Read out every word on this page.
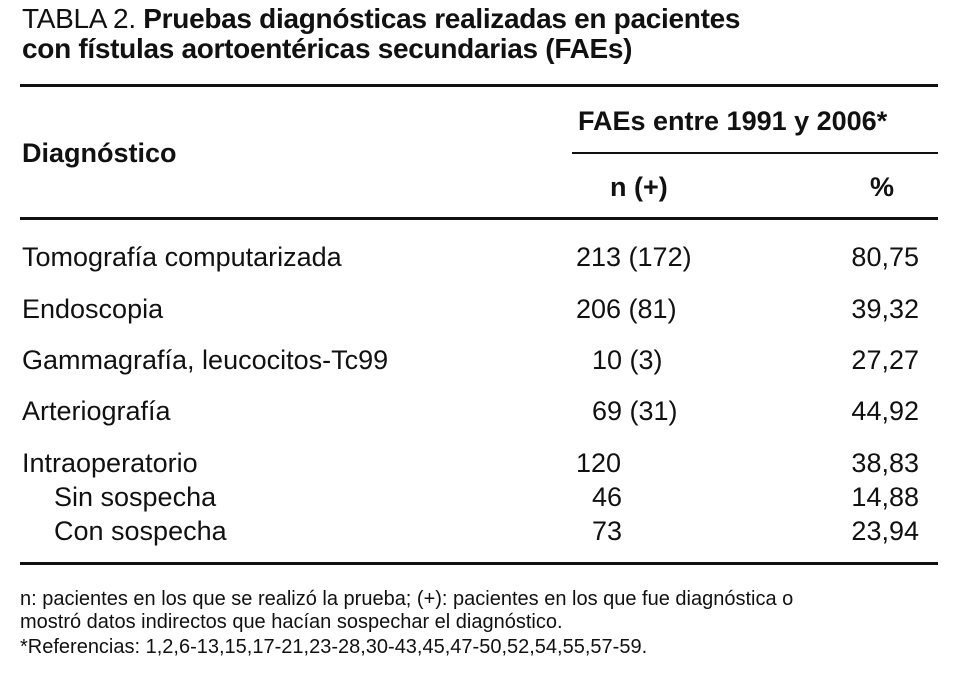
TABLA 2. Pruebas diagnósticas realizadas en pacientes
con fístulas aortoentéricas secundarias (FAEs)
Diagnóstico
FAEs entre 1991 y 2006*
n (+)	%
Tomografía computarizada	213 (172)	80,75
Endoscopia	206 (81)	39,32
Gammagrafía, leucocitos-Tc99	10 (3)	27,27
Arteriografía	69 (31)	44,92
Intraoperatorio	120	38,83
Sin sospecha	46	14,88
Con sospecha	73	23,94
n: pacientes en los que se realizó la prueba; (+): pacientes en los que fue diagnóstica o
mostró datos indirectos que hacían sospechar el diagnóstico.
*Referencias: 1,2,6-13,15,17-21,23-28,30-43,45,47-50,52,54,55,57-59.
